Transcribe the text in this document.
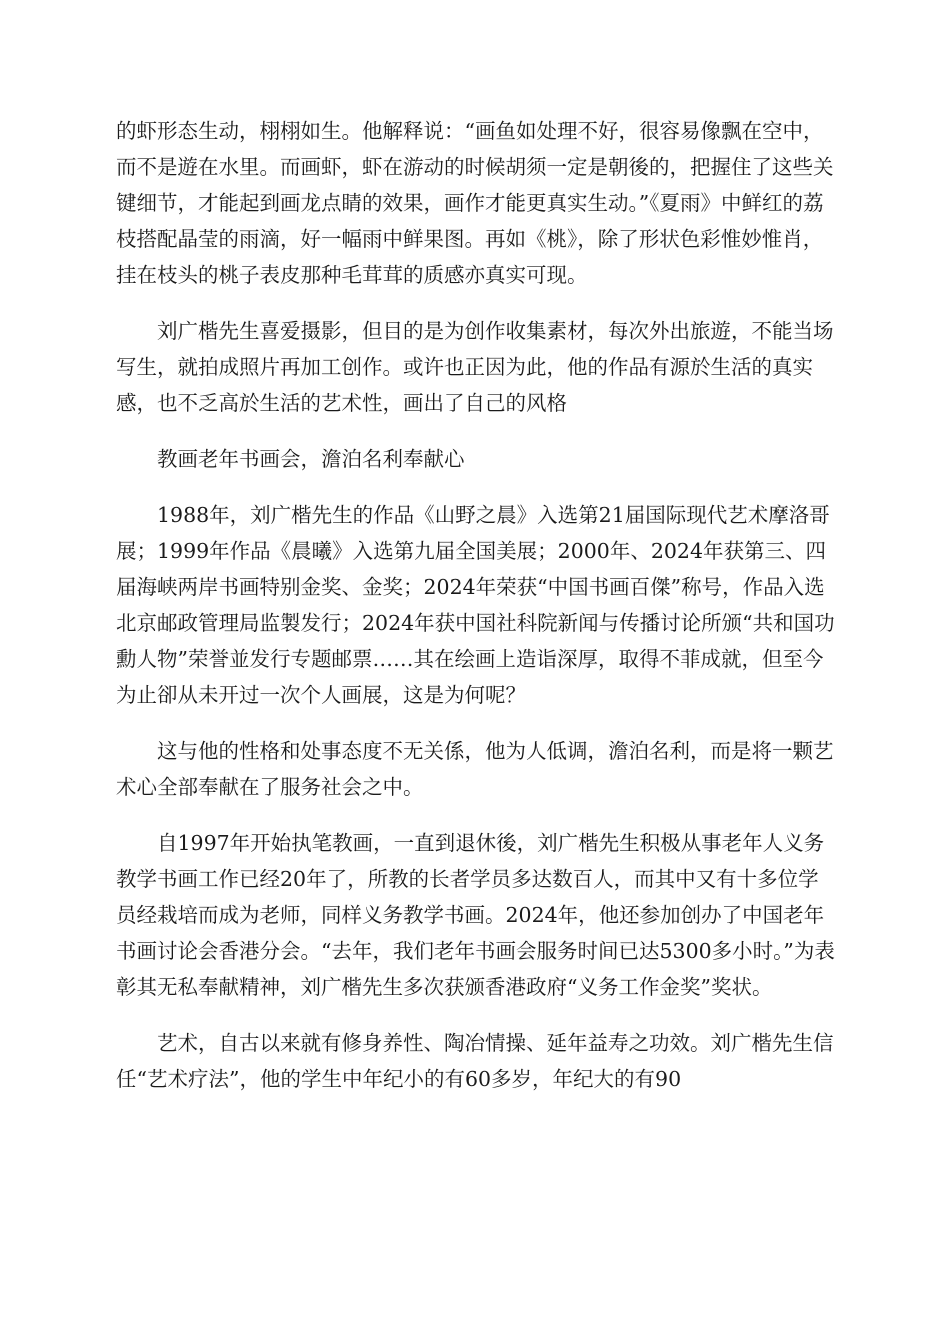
的虾形态生动，栩栩如生。他解释说：“画鱼如处理不好，很容易像飘在空中，而不是遊在水里。而画虾，虾在游动的时候胡须一定是朝後的，把握住了这些关键细节，才能起到画龙点睛的效果，画作才能更真实生动。”《夏雨》中鲜红的荔枝搭配晶莹的雨滴，好一幅雨中鲜果图。再如《桃》，除了形状色彩惟妙惟肖，挂在枝头的桃子表皮那种毛茸茸的质感亦真实可现。

刘广楷先生喜爱摄影，但目的是为创作收集素材，每次外出旅遊，不能当场写生，就拍成照片再加工创作。或许也正因为此，他的作品有源於生活的真实感，也不乏高於生活的艺术性，画出了自己的风格

教画老年书画会，澹泊名利奉献心

1988年，刘广楷先生的作品《山野之晨》入选第21届国际现代艺术摩洛哥展；1999年作品《晨曦》入选第九届全国美展；2000年、2024年获第三、四届海峡两岸书画特别金奖、金奖；2024年荣获“中国书画百傑”称号，作品入选北京邮政管理局监製发行；2024年获中国社科院新闻与传播讨论所颁“共和国功勳人物”荣誉並发行专题邮票……其在绘画上造诣深厚，取得不菲成就，但至今为止卻从未开过一次个人画展，这是为何呢？

这与他的性格和处事态度不无关係，他为人低调，澹泊名利，而是将一颗艺术心全部奉献在了服务社会之中。

自1997年开始执笔教画，一直到退休後，刘广楷先生积极从事老年人义务教学书画工作已经20年了，所教的长者学员多达数百人，而其中又有十多位学员经栽培而成为老师，同样义务教学书画。2024年，他还参加创办了中国老年书画讨论会香港分会。“去年，我们老年书画会服务时间已达5300多小时。”为表彰其无私奉献精神，刘广楷先生多次获颁香港政府“义务工作金奖”奖状。

艺术，自古以来就有修身养性、陶冶情操、延年益寿之功效。刘广楷先生信任“艺术疗法”，他的学生中年纪小的有60多岁，年纪大的有90
